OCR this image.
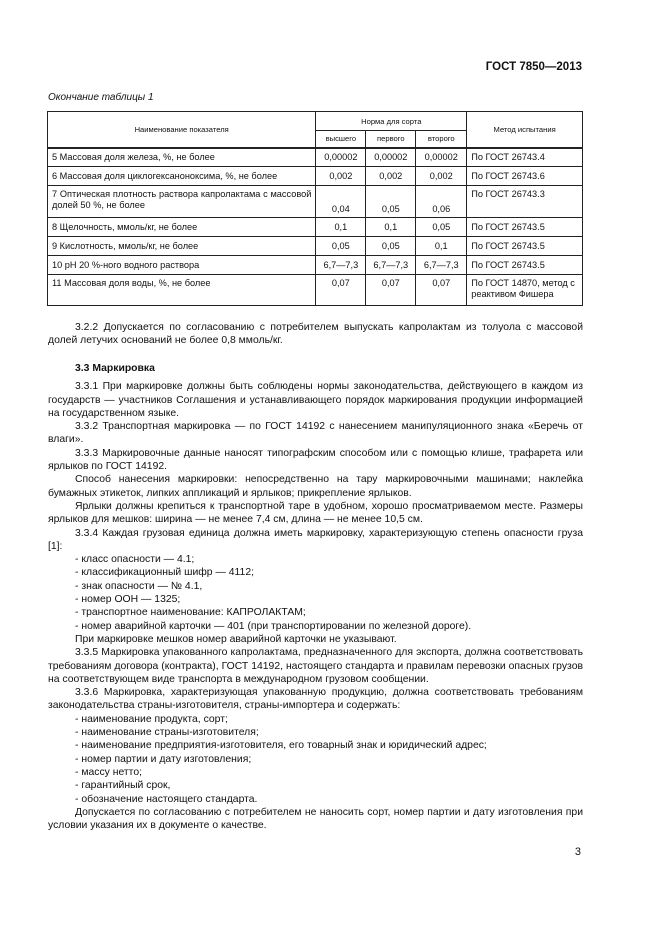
ГОСТ 7850—2013
Окончание таблицы 1
Наименование показателя	Норма для сорта			Метод испытания
	высшего	первого	второго	
5 Массовая доля железа, %, не более	0,00002	0,00002	0,00002	По ГОСТ 26743.4
6 Массовая доля циклогексаноноксима, %, не более	0,002	0,002	0,002	По ГОСТ 26743.6
7 Оптическая плотность раствора капролактама с массовой долей 50 %, не более	0,04	0,05	0,06	По ГОСТ 26743.3
8 Щелочность, ммоль/кг, не более	0,1	0,1	0,05	По ГОСТ 26743.5
9 Кислотность, ммоль/кг, не более	0,05	0,05	0,1	По ГОСТ 26743.5
10 pH 20 %-ного водного раствора	6,7—7,3	6,7—7,3	6,7—7,3	По ГОСТ 26743.5
11 Массовая доля воды, %, не более	0,07	0,07	0,07	По ГОСТ 14870, метод с реактивом Фишера

3.2.2 Допускается по согласованию с потребителем выпускать капролактам из толуола с массовой долей летучих оснований не более 0,8 ммоль/кг.

3.3 Маркировка

3.3.1 При маркировке должны быть соблюдены нормы законодательства, действующего в каждом из государств — участников Соглашения и устанавливающего порядок маркирования продукции информацией на государственном языке.

3.3.2 Транспортная маркировка — по ГОСТ 14192 с нанесением манипуляционного знака «Беречь от влаги».

3.3.3 Маркировочные данные наносят типографским способом или с помощью клише, трафарета или ярлыков по ГОСТ 14192.

Способ нанесения маркировки: непосредственно на тару маркировочными машинами; наклейка бумажных этикеток, липких аппликаций и ярлыков; прикрепление ярлыков.

Ярлыки должны крепиться к транспортной таре в удобном, хорошо просматриваемом месте. Размеры ярлыков для мешков: ширина — не менее 7,4 см, длина — не менее 10,5 см.

3.3.4 Каждая грузовая единица должна иметь маркировку, характеризующую степень опасности груза [1]:

- класс опасности — 4.1;

- классификационный шифр — 4112;

- знак опасности — № 4.1,

- номер ООН — 1325;

- транспортное наименование: КАПРОЛАКТАМ;

- номер аварийной карточки — 401 (при транспортировании по железной дороге).

При маркировке мешков номер аварийной карточки не указывают.

3.3.5 Маркировка упакованного капролактама, предназначенного для экспорта, должна соответствовать требованиям договора (контракта), ГОСТ 14192, настоящего стандарта и правилам перевозки опасных грузов на соответствующем виде транспорта в международном грузовом сообщении.

3.3.6 Маркировка, характеризующая упакованную продукцию, должна соответствовать требованиям законодательства страны-изготовителя, страны-импортера и содержать:

- наименование продукта, сорт;

- наименование страны-изготовителя;

- наименование предприятия-изготовителя, его товарный знак и юридический адрес;

- номер партии и дату изготовления;

- массу нетто;

- гарантийный срок,

- обозначение настоящего стандарта.

Допускается по согласованию с потребителем не наносить сорт, номер партии и дату изготовления при условии указания их в документе о качестве.

3
